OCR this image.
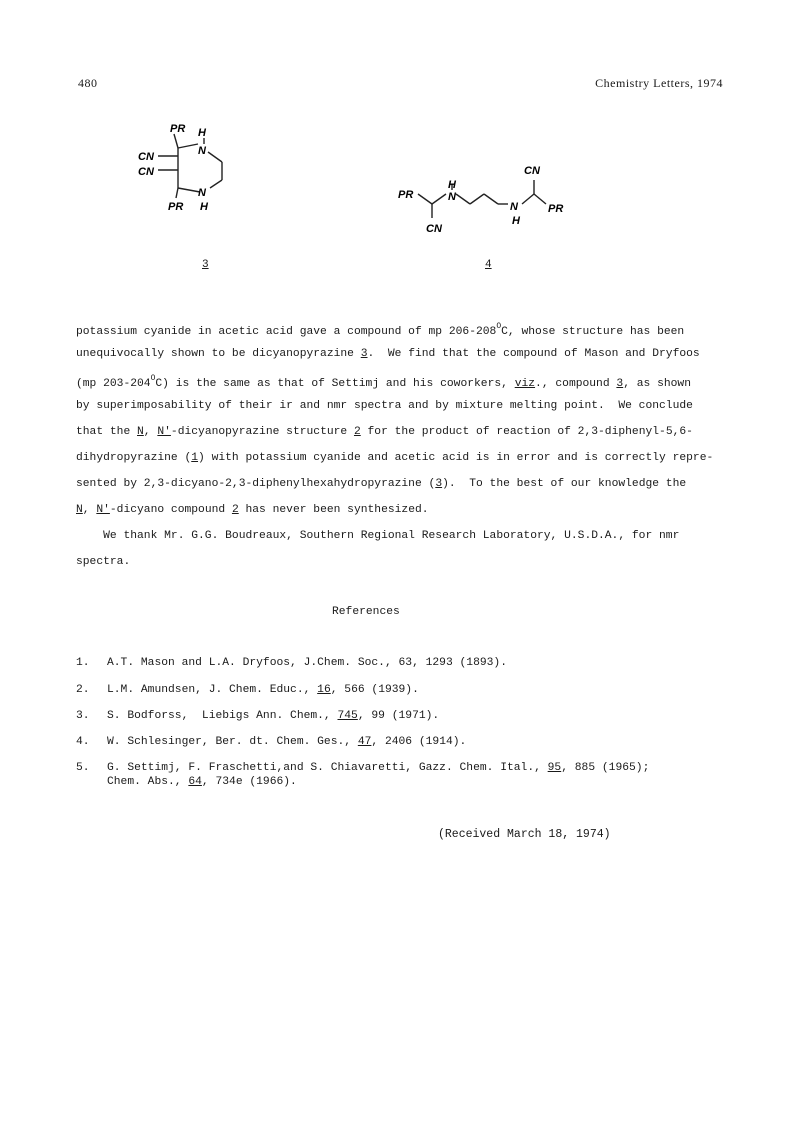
480	Chemistry Letters, 1974
PR H
N
CN
CN
N
PR H
3
PR
H
N
CN
CN
N
H
PR
4
potassium cyanide in acetic acid gave a compound of mp $206-208^OC$, whose structure has been
unequivocally shown to be dicyanopyrazine 3.  We find that the compound of Mason and Dryfoos
(mp $203-204^OC$) is the same as that of Settimj and his coworkers, viz., compound 3, as shown
by superimposability of their ir and nmr spectra and by mixture melting point.  We conclude
that the N, N'-dicyanopyrazine structure 2 for the product of reaction of 2,3-diphenyl-5,6-
dihydropyrazine (1) with potassium cyanide and acetic acid is in error and is correctly repre-
sented by 2,3-dicyano-2,3-diphenylhexahydropyrazine (3).  To the best of our knowledge the
N, N'-dicyano compound 2 has never been synthesized.
We thank Mr. G.G. Boudreaux, Southern Regional Research Laboratory, U.S.D.A., for nmr
spectra.
References
1. A.T. Mason and L.A. Dryfoos, J.Chem. Soc., 63, 1293 (1893).
2. L.M. Amundsen, J. Chem. Educ., 16, 566 (1939).
3. S. Bodforss,  Liebigs Ann. Chem., 745, 99 (1971).
4. W. Schlesinger, Ber. dt. Chem. Ges., 47, 2406 (1914).
5. G. Settimj, F. Fraschetti,and S. Chiavaretti, Gazz. Chem. Ital., 95, 885 (1965);
Chem. Abs., 64, 734e (1966).
(Received March 18, 1974)
